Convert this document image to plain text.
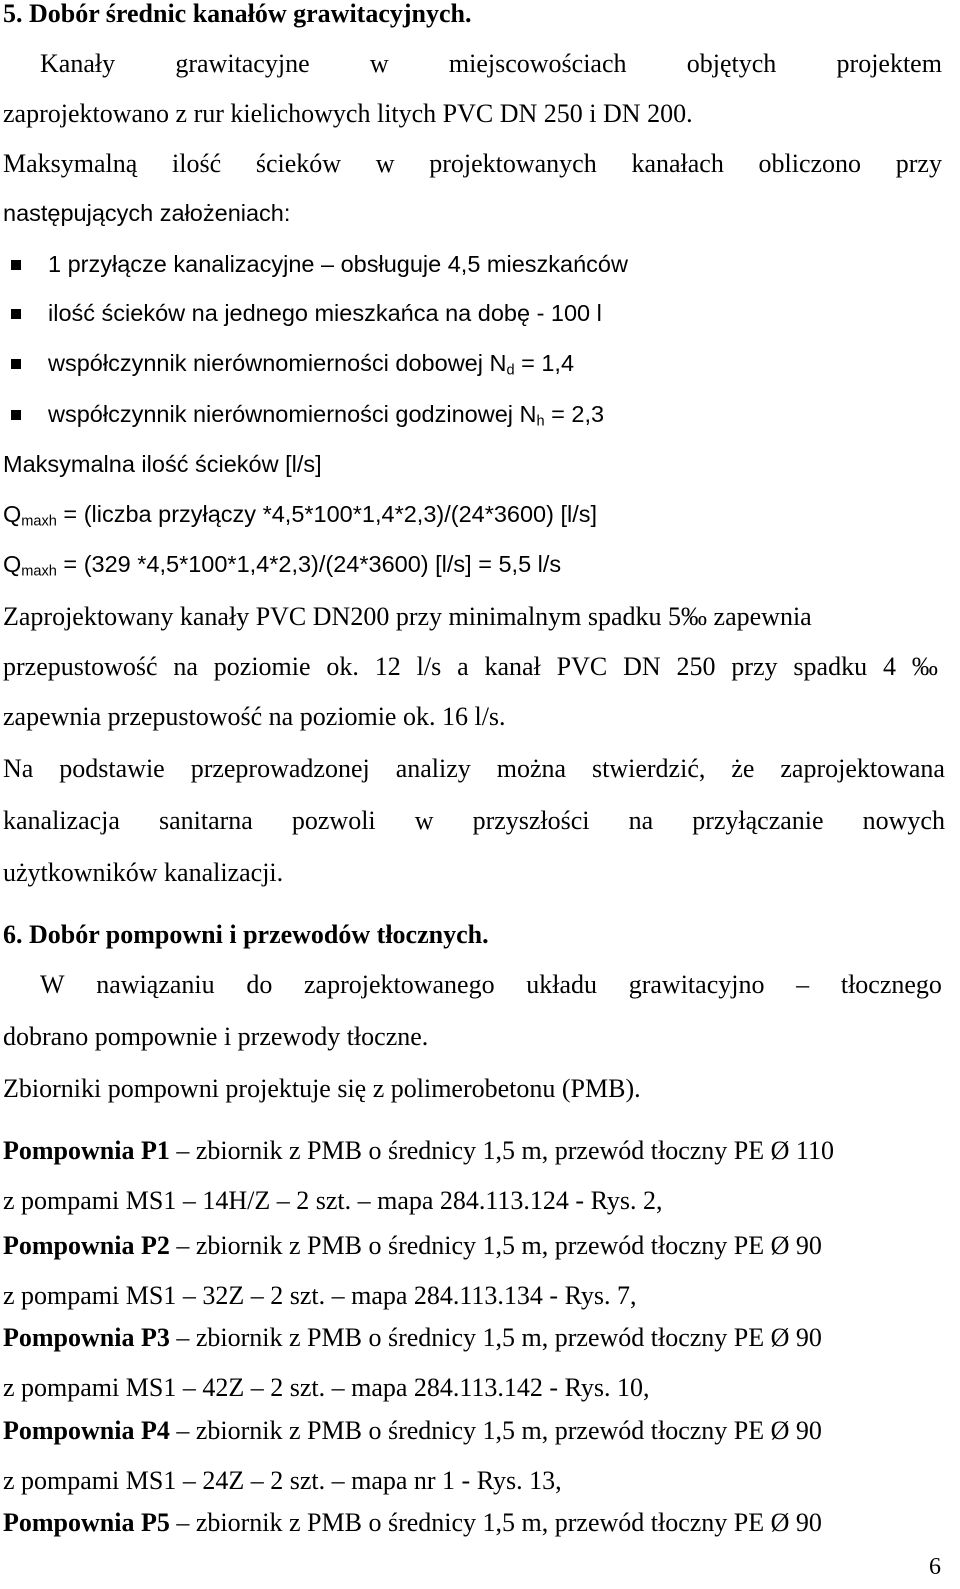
5. Dobór średnic kanałów grawitacyjnych.
Kanały grawitacyjne w miejscowościach objętych projektem
zaprojektowano z rur kielichowych litych PVC DN 250 i DN 200.
Maksymalną ilość ścieków w projektowanych kanałach obliczono przy
następujących założeniach:
1 przyłącze kanalizacyjne – obsługuje 4,5 mieszkańców
ilość ścieków na jednego mieszkańca na dobę - 100 l
współczynnik nierównomierności dobowej $N_d = 1,4$
współczynnik nierównomierności godzinowej $N_h = 2,3$
Maksymalna ilość ścieków [l/s]
$Q_{maxh}$ = (liczba przyłączy *4,5*100*1,4*2,3)/(24*3600) [l/s]
$Q_{maxh} = (329$ *4,5*100*1,4*2,3)/(24*3600) [l/s] = 5,5 l/s
Zaprojektowany kanały PVC DN200 przy minimalnym spadku 5‰ zapewnia
przepustowość na poziomie ok. 12 l/s a kanał PVC DN 250 przy spadku 4 ‰
zapewnia przepustowość na poziomie ok. 16 l/s.
Na podstawie przeprowadzonej analizy można stwierdzić, że zaprojektowana
kanalizacja sanitarna pozwoli w przyszłości na przyłączanie nowych
użytkowników kanalizacji.
6. Dobór pompowni i przewodów tłocznych.
W nawiązaniu do zaprojektowanego układu grawitacyjno – tłocznego
dobrano pompownie i przewody tłoczne.
Zbiorniki pompowni projektuje się z polimerobetonu (PMB).
Pompownia P1 – zbiornik z PMB o średnicy 1,5 m, przewód tłoczny PE Ø 110
z pompami MS1 – 14H/Z – 2 szt. – mapa 284.113.124 - Rys. 2,
Pompownia P2 – zbiornik z PMB o średnicy 1,5 m, przewód tłoczny PE Ø 90
z pompami MS1 – 32Z – 2 szt. – mapa 284.113.134 - Rys. 7,
Pompownia P3 – zbiornik z PMB o średnicy 1,5 m, przewód tłoczny PE Ø 90
z pompami MS1 – 42Z – 2 szt. – mapa 284.113.142 - Rys. 10,
Pompownia P4 – zbiornik z PMB o średnicy 1,5 m, przewód tłoczny PE Ø 90
z pompami MS1 – 24Z – 2 szt. – mapa nr 1 - Rys. 13,
Pompownia P5 – zbiornik z PMB o średnicy 1,5 m, przewód tłoczny PE Ø 90
6
